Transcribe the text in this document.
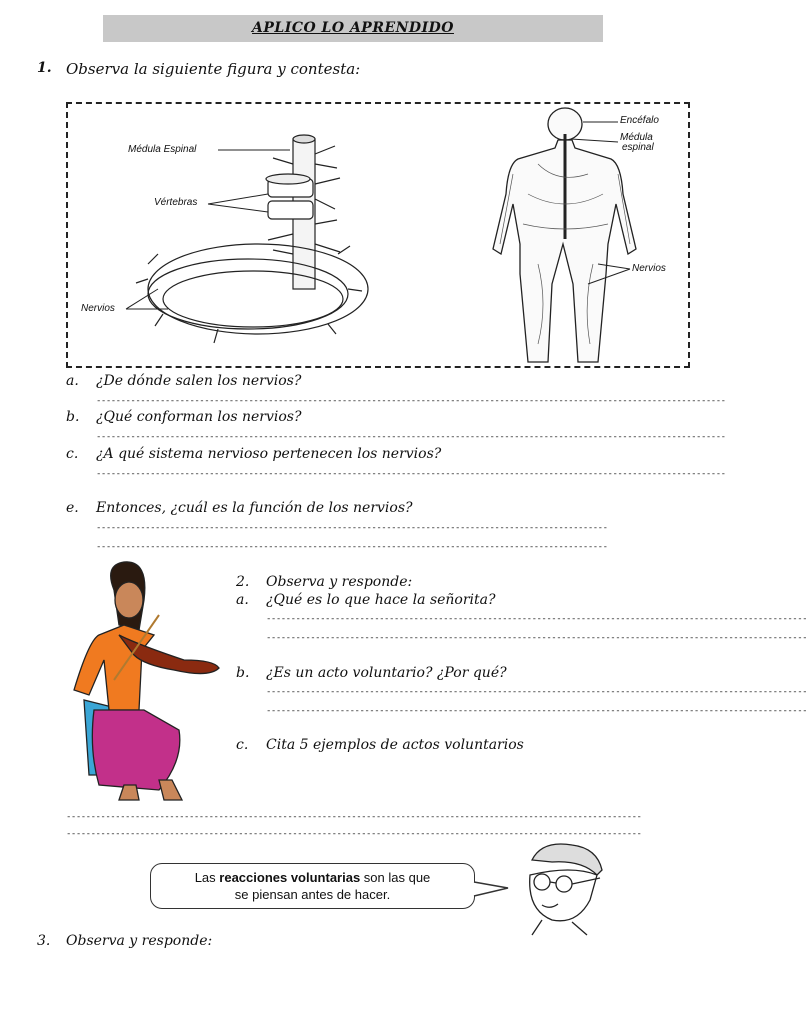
APLICO LO APRENDIDO
1. Observa la siguiente figura y contesta:
Médula Espinal
Vértebras
Nervios
Encéfalo
Médula
espinal
Nervios
a. ¿De dónde salen los nervios?
--------------------------------------------------------------------------------------------------------------------------------
b. ¿Qué conforman los nervios?
--------------------------------------------------------------------------------------------------------------------------------
c. ¿A qué sistema nervioso pertenecen los nervios?
--------------------------------------------------------------------------------------------------------------------------------
e. Entonces, ¿cuál es la función de los nervios?
--------------------------------------------------------------------------------------------------------
--------------------------------------------------------------------------------------------------------
2. Observa y responde:
a. ¿Qué es lo que hace la señorita?
--------------------------------------------------------------------------------------------------------------
--------------------------------------------------------------------------------------------------------------
b. ¿Es un acto voluntario? ¿Por qué?
--------------------------------------------------------------------------------------------------------------
--------------------------------------------------------------------------------------------------------------
c. Cita 5 ejemplos de actos voluntarios
---------------------------------------------------------------------------------------------------------------------
---------------------------------------------------------------------------------------------------------------------
Las reacciones voluntarias son las que
se piensan antes de hacer.
3. Observa y responde:
